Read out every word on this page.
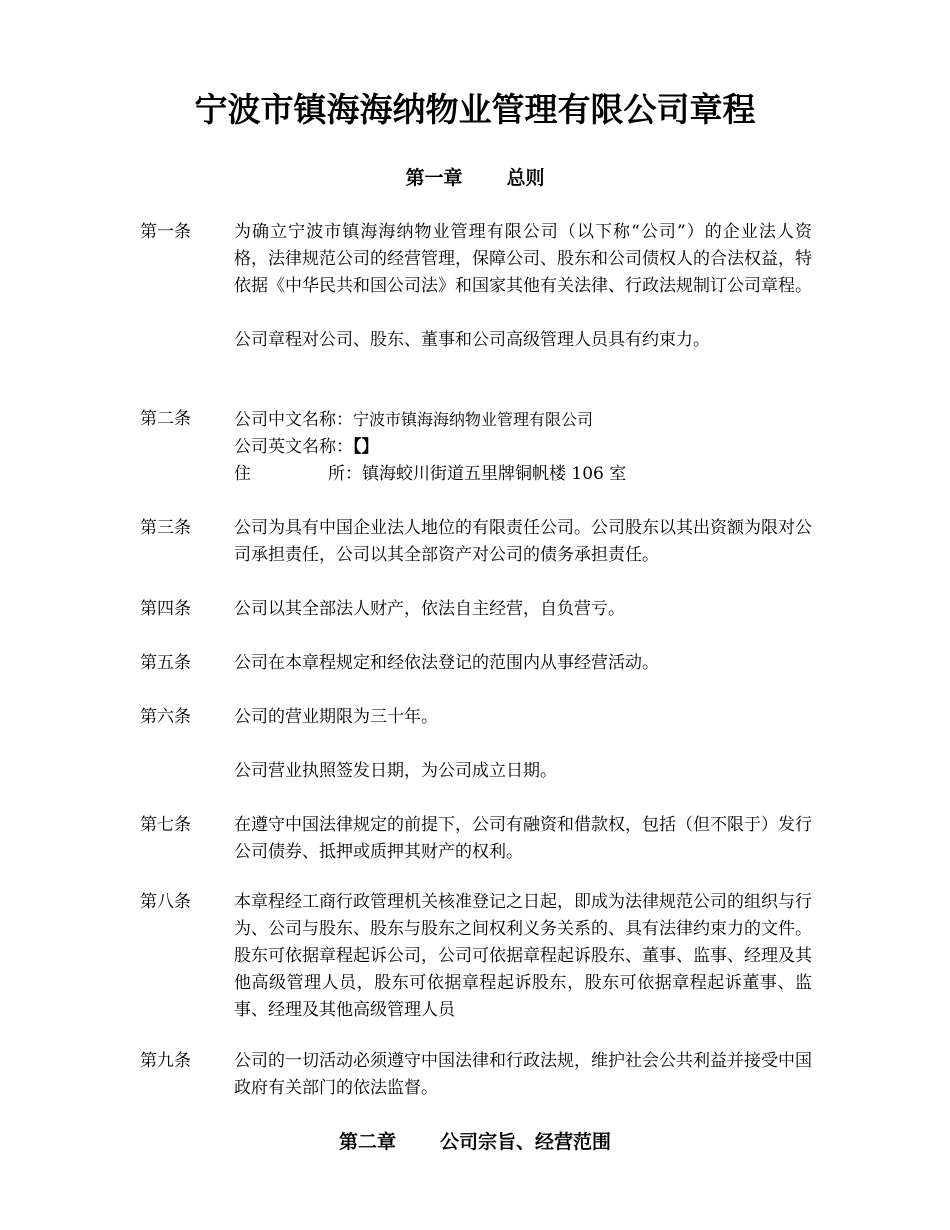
宁波市镇海海纳物业管理有限公司章程
第一章 总则
第一条	为确立宁波市镇海海纳物业管理有限公司（以下称“公司”）的企业法人资格，法律规范公司的经营管理，保障公司、股东和公司债权人的合法权益，特依据《中华民共和国公司法》和国家其他有关法律、行政法规制订公司章程。

公司章程对公司、股东、董事和公司高级管理人员具有约束力。

第二条	公司中文名称：宁波市镇海海纳物业管理有限公司
公司英文名称：【】
住	所：镇海蛟川街道五里牌铜帆楼 106 室
第三条	公司为具有中国企业法人地位的有限责任公司。公司股东以其出资额为限对公司承担责任，公司以其全部资产对公司的债务承担责任。

第四条	公司以其全部法人财产，依法自主经营，自负营亏。

第五条	公司在本章程规定和经依法登记的范围内从事经营活动。

第六条	公司的营业期限为三十年。

公司营业执照签发日期，为公司成立日期。

第七条	在遵守中国法律规定的前提下，公司有融资和借款权，包括（但不限于）发行公司债券、抵押或质押其财产的权利。

第八条	本章程经工商行政管理机关核准登记之日起，即成为法律规范公司的组织与行为、公司与股东、股东与股东之间权利义务关系的、具有法律约束力的文件。股东可依据章程起诉公司，公司可依据章程起诉股东、董事、监事、经理及其他高级管理人员，股东可依据章程起诉股东，股东可依据章程起诉董事、监事、经理及其他高级管理人员

第九条	公司的一切活动必须遵守中国法律和行政法规，维护社会公共利益并接受中国政府有关部门的依法监督。

第二章 公司宗旨、经营范围
